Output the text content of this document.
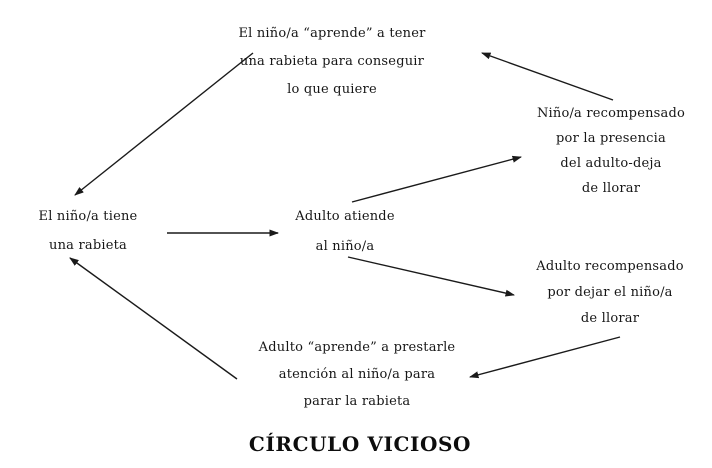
El niño/a “aprende” a tener
una rabieta para conseguir
lo que quiere
Niño/a recompensado
por la presencia
del adulto-deja
de llorar
El niño/a tiene
una rabieta
Adulto atiende
al niño/a
Adulto recompensado
por dejar el niño/a
de llorar
Adulto “aprende” a prestarle
atención al niño/a para
parar la rabieta
CÍRCULO VICIOSO
